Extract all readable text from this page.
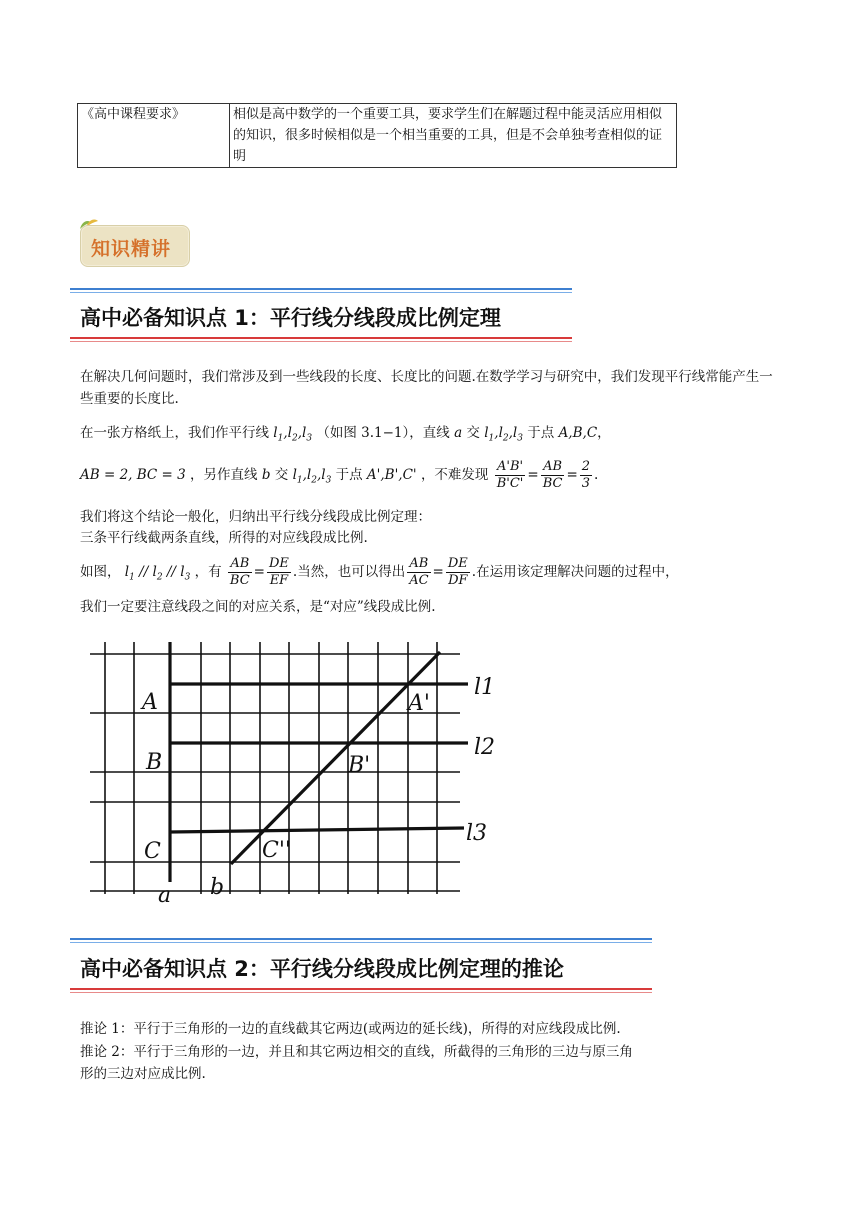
《高中课程要求》	相似是高中数学的一个重要工具，要求学生们在解题过程中能灵活应用相似的知识，很多时候相似是一个相当重要的工具，但是不会单独考查相似的证明
知识精讲
高中必备知识点 1：平行线分线段成比例定理
在解决几何问题时，我们常涉及到一些线段的长度、长度比的问题.在数学学习与研究中，我们发现平行线常能产生一些重要的长度比.
在一张方格纸上，我们作平行线 $l_1,l_2,l_3$ （如图 3.1−1），直线 a 交 $l_1,l_2,l_3$ 于点 A,B,C，
AB = 2, BC = 3 ，另作直线 b 交 $l_1,l_2,l_3$ 于点 A',B',C' ，不难发现 $\frac{A'B'}{B'C'} = \frac{AB}{BC} = \frac{2}{3}$ .
我们将这个结论一般化，归纳出平行线分线段成比例定理：
三条平行线截两条直线，所得的对应线段成比例.
如图， $l_1 // l_2 // l_3$ ，有 $\frac{AB}{BC} = \frac{DE}{EF}$ .当然，也可以得出 $\frac{AB}{AC} = \frac{DE}{DF}$ .在运用该定理解决问题的过程中，
我们一定要注意线段之间的对应关系，是“对应”线段成比例.
A
B
C
A'
B'
C''
a b
l1
l2
l3
高中必备知识点 2：平行线分线段成比例定理的推论
推论 1：平行于三角形的一边的直线截其它两边(或两边的延长线)，所得的对应线段成比例.
推论 2：平行于三角形的一边，并且和其它两边相交的直线，所截得的三角形的三边与原三角
形的三边对应成比例.
